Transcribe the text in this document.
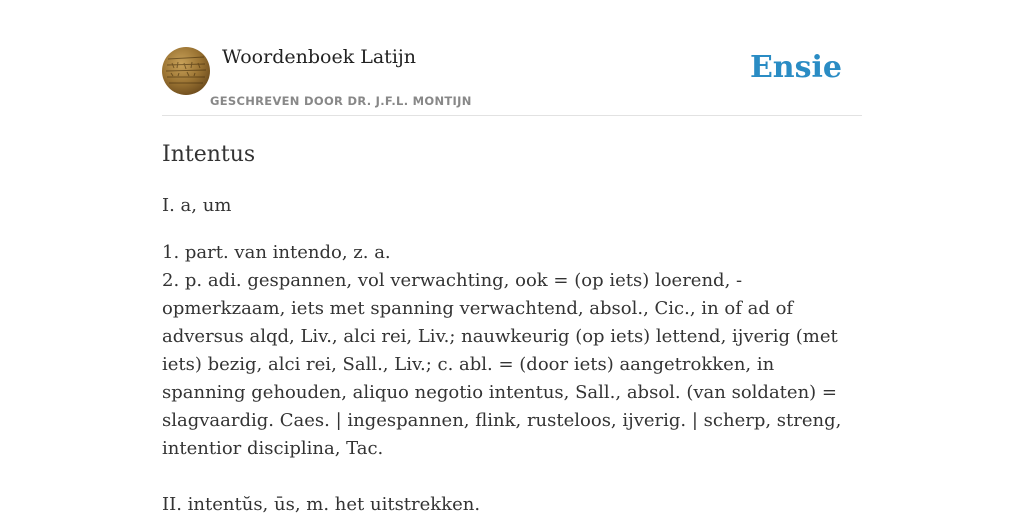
Woordenboek Latijn
GESCHREVEN DOOR DR. J.F.L. MONTIJN
Ensie
Intentus

I. a, um

1. part. van intendo, z. a.
2. p. adi. gespannen, vol verwachting, ook = (op iets) loerend, - opmerkzaam, iets met spanning verwachtend, absol., Cic., in of ad of adversus alqd, Liv., alci rei, Liv.; nauwkeurig (op iets) lettend, ijverig (met iets) bezig, alci rei, Sall., Liv.; c. abl. = (door iets) aangetrokken, in spanning gehouden, aliquo negotio intentus, Sall., absol. (van soldaten) = slagvaardig. Caes. | ingespannen, flink, rusteloos, ijverig. | scherp, streng, intentior disciplina, Tac.

II. intentŭs, ūs, m. het uitstrekken.
